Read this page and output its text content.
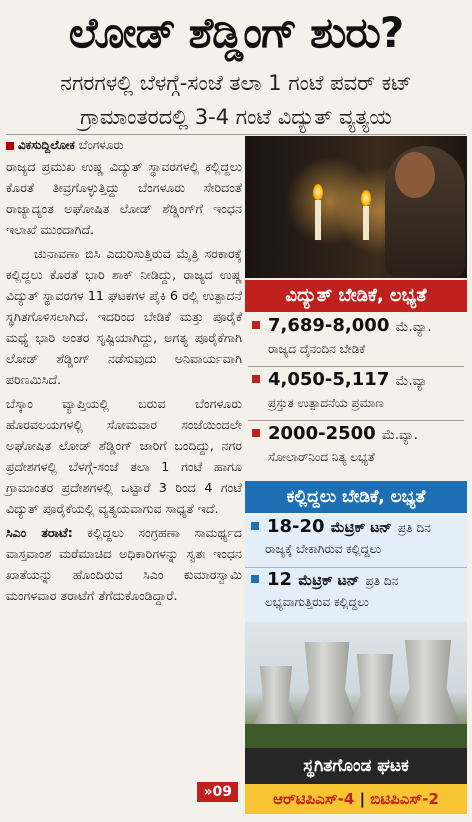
ಲೋಡ್ ಶೆಡ್ಡಿಂಗ್ ಶುರು?
ನಗರಗಳಲ್ಲಿ ಬೆಳಗ್ಗೆ-ಸಂಜೆ ತಲಾ 1 ಗಂಟೆ ಪವರ್ ಕಟ್
ಗ್ರಾಮಾಂತರದಲ್ಲಿ 3-4 ಗಂಟೆ ವಿದ್ಯುತ್ ವ್ಯತ್ಯಯ
ವಿಕಸುದ್ದಿಲೋಕ ಬೆಂಗಳೂರು

ರಾಜ್ಯದ ಪ್ರಮುಖ ಉಷ್ಣ ವಿದ್ಯುತ್ ಸ್ಥಾವರಗಳಲ್ಲಿ ಕಲ್ಲಿದ್ದಲು ಕೊರತೆ ತೀವ್ರಗೊಳ್ಳುತ್ತಿದ್ದು ಬೆಂಗಳೂರು ಸೇರಿದಂತೆ ರಾಜ್ಯಾದ್ಯಂತ ಅಘೋಷಿತ ಲೋಡ್ ಶೆಡ್ಡಿಂಗ್‌ಗೆ ಇಂಧನ ಇಲಾಖೆ ಮುಂದಾಗಿದೆ.

ಚುನಾವಣಾ ಬಿಸಿ ಎದುರಿಸುತ್ತಿರುವ ಮೈತ್ರಿ ಸರಕಾರಕ್ಕೆ ಕಲ್ಲಿದ್ದಲು ಕೊರತೆ ಭಾರಿ ಶಾಕ್ ನೀಡಿದ್ದು, ರಾಜ್ಯದ ಉಷ್ಣ ವಿದ್ಯುತ್ ಸ್ಥಾವರಗಳ 11 ಘಟಕಗಳ ಪೈಕಿ 6 ರಲ್ಲಿ ಉತ್ಪಾದನೆ ಸ್ಥಗಿತಗೊಳಿಸಲಾಗಿದೆ. ಇದರಿಂದ ಬೇಡಿಕೆ ಮತ್ತು ಪೂರೈಕೆ ಮಧ್ಯೆ ಭಾರಿ ಅಂತರ ಸೃಷ್ಟಿಯಾಗಿದ್ದು, ಅಗತ್ಯ ಪೂರೈಕೆಗಾಗಿ ಲೋಡ್ ಶೆಡ್ಡಿಂಗ್ ನಡೆಸುವುದು ಅನಿವಾರ್ಯವಾಗಿ ಪರಿಣಮಿಸಿದೆ.

ಬೆಸ್ಕಾಂ ವ್ಯಾಪ್ತಿಯಲ್ಲಿ ಬರುವ ಬೆಂಗಳೂರು ಹೊರವಲಯಗಳಲ್ಲಿ ಸೋಮವಾರ ಸಂಜೆಯಿಂದಲೇ ಅಘೋಷಿತ ಲೋಡ್ ಶೆಡ್ಡಿಂಗ್ ಜಾರಿಗೆ ಬಂದಿದ್ದು, ನಗರ ಪ್ರದೇಶಗಳಲ್ಲಿ ಬೆಳಗ್ಗೆ-ಸಂಜೆ ತಲಾ 1 ಗಂಟೆ ಹಾಗೂ ಗ್ರಾಮಾಂತರ ಪ್ರದೇಶಗಳಲ್ಲಿ ಒಟ್ಟಾರೆ 3 ರಿಂದ 4 ಗಂಟೆ ವಿದ್ಯುತ್ ಪೂರೈಕೆಯಲ್ಲಿ ವ್ಯತ್ಯಯವಾಗುವ ಸಾಧ್ಯತೆ ಇದೆ.

ಸಿಎಂ ತರಾಟೆ: ಕಲ್ಲಿದ್ದಲು ಸಂಗ್ರಹಣಾ ಸಾಮರ್ಥ್ಯದ ವಾಸ್ತವಾಂಶ ಮರೆಮಾಚಿದ ಅಧಿಕಾರಿಗಳನ್ನು ಸ್ವತಃ ಇಂಧನ ಖಾತೆಯನ್ನು ಹೊಂದಿರುವ ಸಿಎಂ ಕುಮಾರಸ್ವಾಮಿ ಮಂಗಳವಾರ ತರಾಟೆಗೆ ತೆಗೆದುಕೊಂಡಿದ್ದಾರೆ.

»09
ವಿದ್ಯುತ್ ಬೇಡಿಕೆ, ಲಭ್ಯತೆ
7,689-8,000 ಮೆ.ವ್ಯಾ.
ರಾಜ್ಯದ ದೈನಂದಿನ ಬೇಡಿಕೆ
4,050-5,117 ಮೆ.ವ್ಯಾ
ಪ್ರಸ್ತುತ ಉತ್ಪಾದನೆಯ ಪ್ರಮಾಣ
2000-2500 ಮೆ.ವ್ಯಾ.
ಸೋಲಾರ್‌ನಿಂದ ನಿತ್ಯ ಲಭ್ಯತೆ
ಕಲ್ಲಿದ್ದಲು ಬೇಡಿಕೆ, ಲಭ್ಯತೆ
18-20 ಮೆಟ್ರಿಕ್ ಟನ್ ಪ್ರತಿ ದಿನ
ರಾಜ್ಯಕ್ಕೆ ಬೇಕಾಗಿರುವ ಕಲ್ಲಿದ್ದಲು
12 ಮೆಟ್ರಿಕ್ ಟನ್ ಪ್ರತಿ ದಿನ
ಲಭ್ಯವಾಗುತ್ತಿರುವ ಕಲ್ಲಿದ್ದಲು
ಸ್ಥಗಿತಗೊಂಡ ಘಟಕ
ಆರ್‌ಟಿಪಿಎಸ್-4 | ಬಿಟಿಪಿಎಸ್-2
